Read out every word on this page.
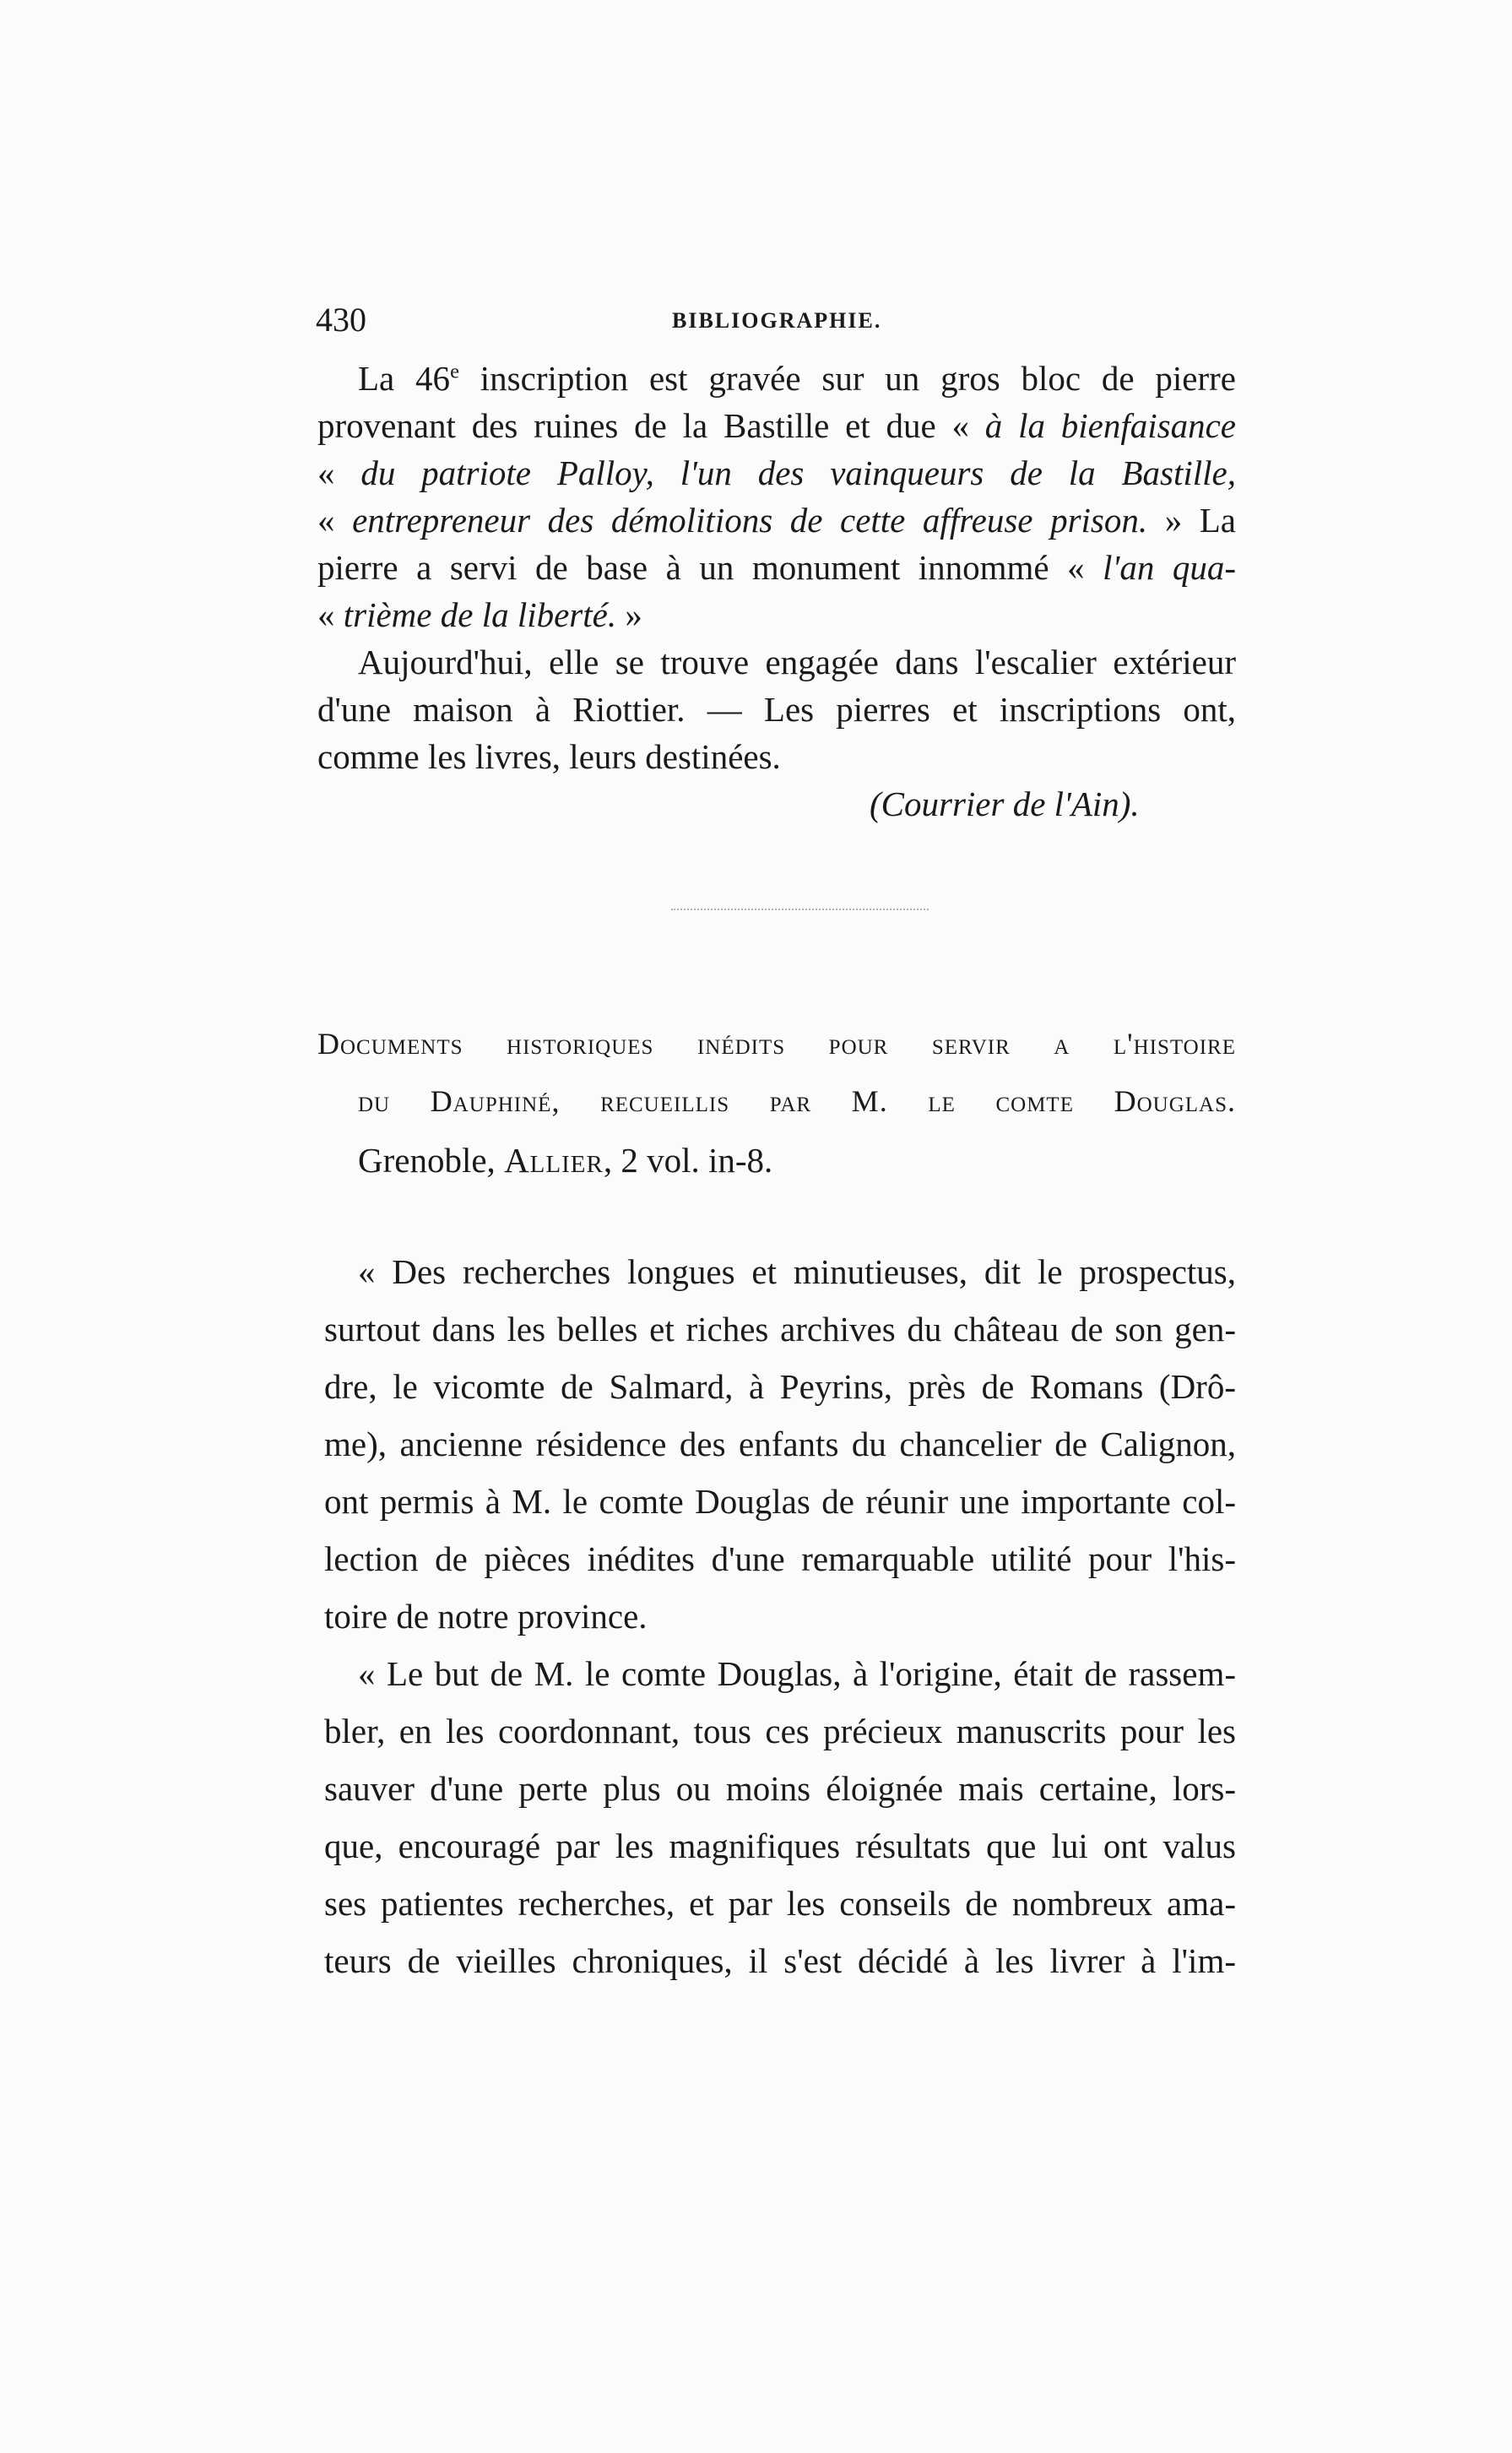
430	BIBLIOGRAPHIE.
La 46e inscription est gravée sur un gros bloc de pierre
provenant des ruines de la Bastille et due « à la bienfaisance
« du patriote Palloy, l'un des vainqueurs de la Bastille,
« entrepreneur des démolitions de cette affreuse prison. » La
pierre a servi de base à un monument innommé « l'an qua-
« trième de la liberté. »
Aujourd'hui, elle se trouve engagée dans l'escalier extérieur
d'une maison à Riottier. — Les pierres et inscriptions ont,
comme les livres, leurs destinées.
(Courrier de l'Ain).
Documents historiques inédits pour servir a l'histoire
du Dauphiné, recueillis par M. le comte Douglas.
Grenoble, Allier, 2 vol. in-8.
« Des recherches longues et minutieuses, dit le prospectus,
surtout dans les belles et riches archives du château de son gen-
dre, le vicomte de Salmard, à Peyrins, près de Romans (Drô-
me), ancienne résidence des enfants du chancelier de Calignon,
ont permis à M. le comte Douglas de réunir une importante col-
lection de pièces inédites d'une remarquable utilité pour l'his-
toire de notre province.
« Le but de M. le comte Douglas, à l'origine, était de rassem-
bler, en les coordonnant, tous ces précieux manuscrits pour les
sauver d'une perte plus ou moins éloignée mais certaine, lors-
que, encouragé par les magnifiques résultats que lui ont valus
ses patientes recherches, et par les conseils de nombreux ama-
teurs de vieilles chroniques, il s'est décidé à les livrer à l'im-
